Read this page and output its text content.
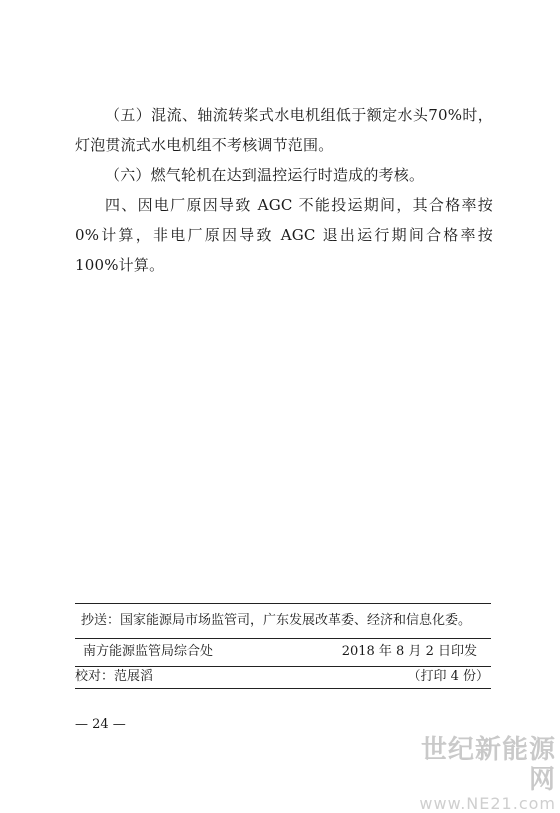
（五）混流、轴流转桨式水电机组低于额定水头70%时，灯泡贯流式水电机组不考核调节范围。
（六）燃气轮机在达到温控运行时造成的考核。
四、因电厂原因导致 AGC 不能投运期间，其合格率按 0%计算，非电厂原因导致 AGC 退出运行期间合格率按 100%计算。
抄送：国家能源局市场监管司，广东发展改革委、经济和信息化委。
南方能源监管局综合处	2018 年 8 月 2 日印发
校对：范展滔	（打印 4 份）
— 24 —
世纪新能源网
www.NE21.com
